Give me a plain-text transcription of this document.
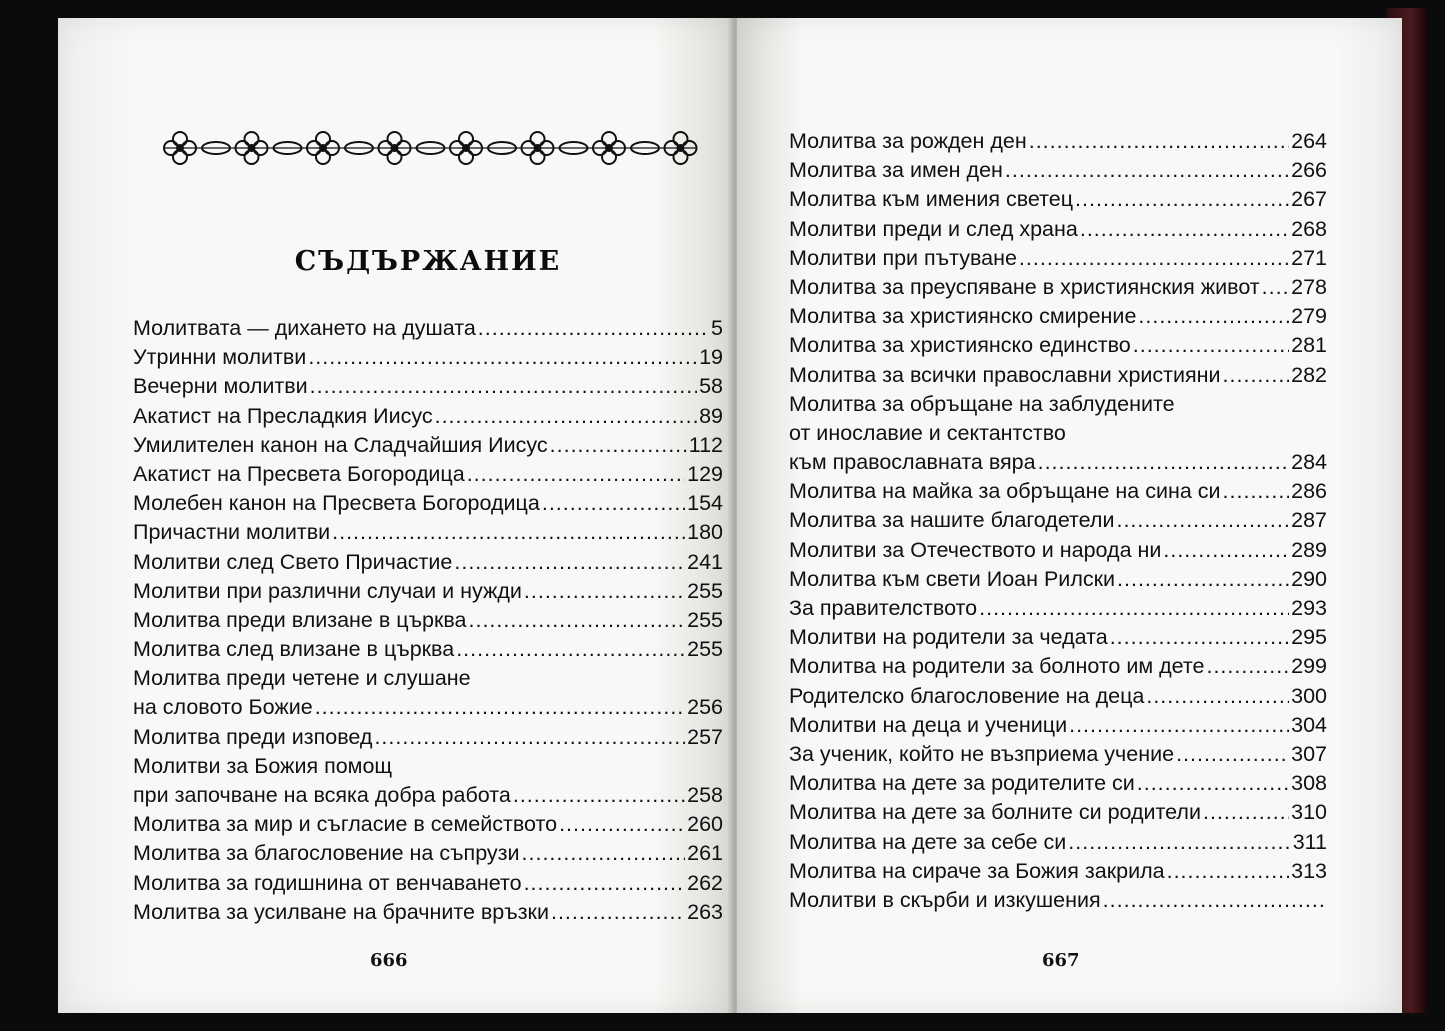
СЪДЪРЖАНИЕ
Молитвата — дихането на душата .....	5
Утринни молитви .....	19
Вечерни молитви .....	58
Акатист на Пресладкия Иисус .....	89
Умилителен канон на Сладчайшия Иисус .....	112
Акатист на Пресвета Богородица .....	129
Молебен канон на Пресвета Богородица .....	154
Причастни молитви .....	180
Молитви след Свето Причастие .....	241
Молитви при различни случаи и нужди .....	255
Молитва преди влизане в църква .....	255
Молитва след влизане в църква .....	255
Молитва преди четене и слушане
на словото Божие .....	256
Молитва преди изповед .....	257
Молитви за Божия помощ
при започване на всяка добра работа .....	258
Молитва за мир и съгласие в семейството .....	260
Молитва за благословение на съпрузи .....	261
Молитва за годишнина от венчаването .....	262
Молитва за усилване на брачните връзки .....	263
666
Молитва за рожден ден .....	264
Молитва за имен ден .....	266
Молитва към имения светец .....	267
Молитви преди и след храна .....	268
Молитви при пътуване .....	271
Молитва за преуспяване в християнския живот ..... 278
Молитва за християнско смирение .....	279
Молитва за християнско единство .....	281
Молитва за всички православни християни .....	282
Молитва за обръщане на заблудените
от инославие и сектантство
към православната вяра .....	284
Молитва на майка за обръщане на сина си .....	286
Молитва за нашите благодетели .....	287
Молитви за Отечеството и народа ни .....	289
Молитва към свети Иоан Рилски .....	290
За правителството .....	293
Молитви на родители за чедата .....	295
Молитва на родители за болното им дете .....	299
Родителско благословение на деца .....	300
Молитви на деца и ученици .....	304
За ученик, който не възприема учение .....	307
Молитва на дете за родителите си .....	308
Молитва на дете за болните си родители .....	310
Молитва на дете за себе си .....	311
Молитва на сираче за Божия закрила .....	313
Молитви в скърби и изкушения
.....
667
